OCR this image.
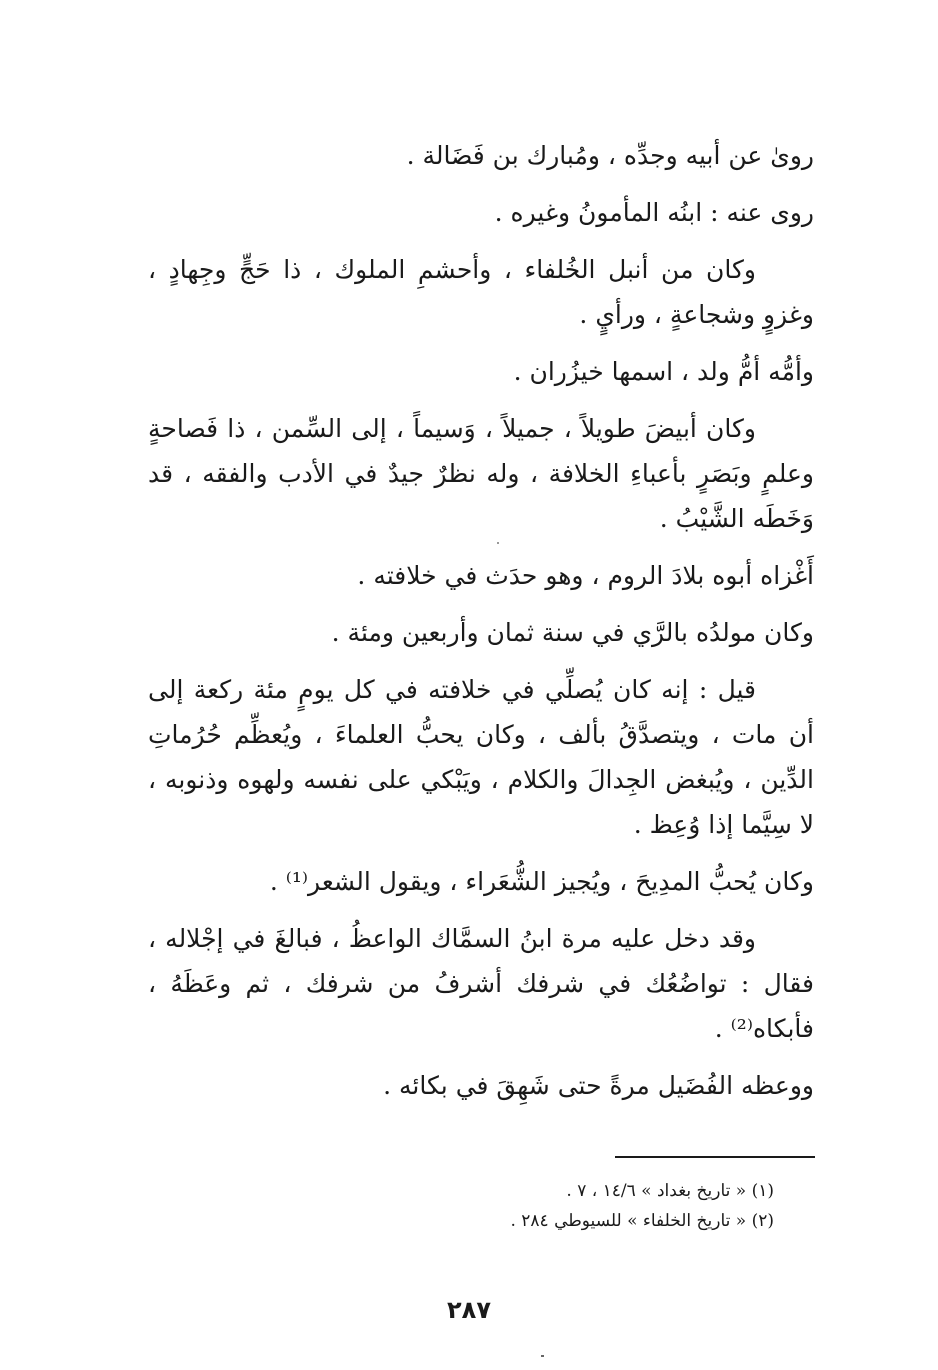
رویٰ عن أبيه وجدِّه ، ومُبارك بن فَضَالة .

روى عنه : ابنُه المأمونُ وغيره .

وكان من أنبل الخُلفاء ، وأحشمِ الملوك ، ذا حَجٍّ وجِهادٍ ، وغزوٍ وشجاعةٍ ، ورأيٍ .

وأمُّه أمُّ ولد ، اسمها خيزُران .

وكان أبيضَ طويلاً ، جميلاً ، وَسيماً ، إلى السِّمن ، ذا فَصاحةٍ وعلمٍ وبَصَرٍ بأعباءِ الخلافة ، وله نظرٌ جيدٌ في الأدب والفقه ، قد وَخَطَه الشَّيْبُ .

أَغْزاه أبوه بلادَ الروم ، وهو حدَث في خلافته .

وكان مولدُه بالرَّي في سنة ثمان وأربعين ومئة .

قيل : إنه كان يُصلِّي في خلافته في كل يومٍ مئة ركعة إلى أن مات ، ويتصدَّقُ بألف ، وكان يحبُّ العلماءَ ، ويُعظِّم حُرُماتِ الدِّين ، ويُبغض الجِدالَ والكلام ، ويَبْكي على نفسه ولهوه وذنوبه ، لا سِيَّما إذا وُعِظ .

وكان يُحبُّ المدِيحَ ، ويُجيز الشُّعَراء ، ويقول الشعر⁽¹⁾ .

وقد دخل عليه مرة ابنُ السمَّاك الواعظُ ، فبالغَ في إجْلاله ، فقال : تواضُعُك في شرفك أشرفُ من شرفك ، ثم وعَظَهُ ، فأبكاه⁽²⁾ .

ووعظه الفُضَيل مرةً حتى شَهِقَ في بكائه .

(١) « تاريخ بغداد » ١٤/٦ ، ٧ .

(٢) « تاريخ الخلفاء » للسيوطي ٢٨٤ .

٢٨٧
